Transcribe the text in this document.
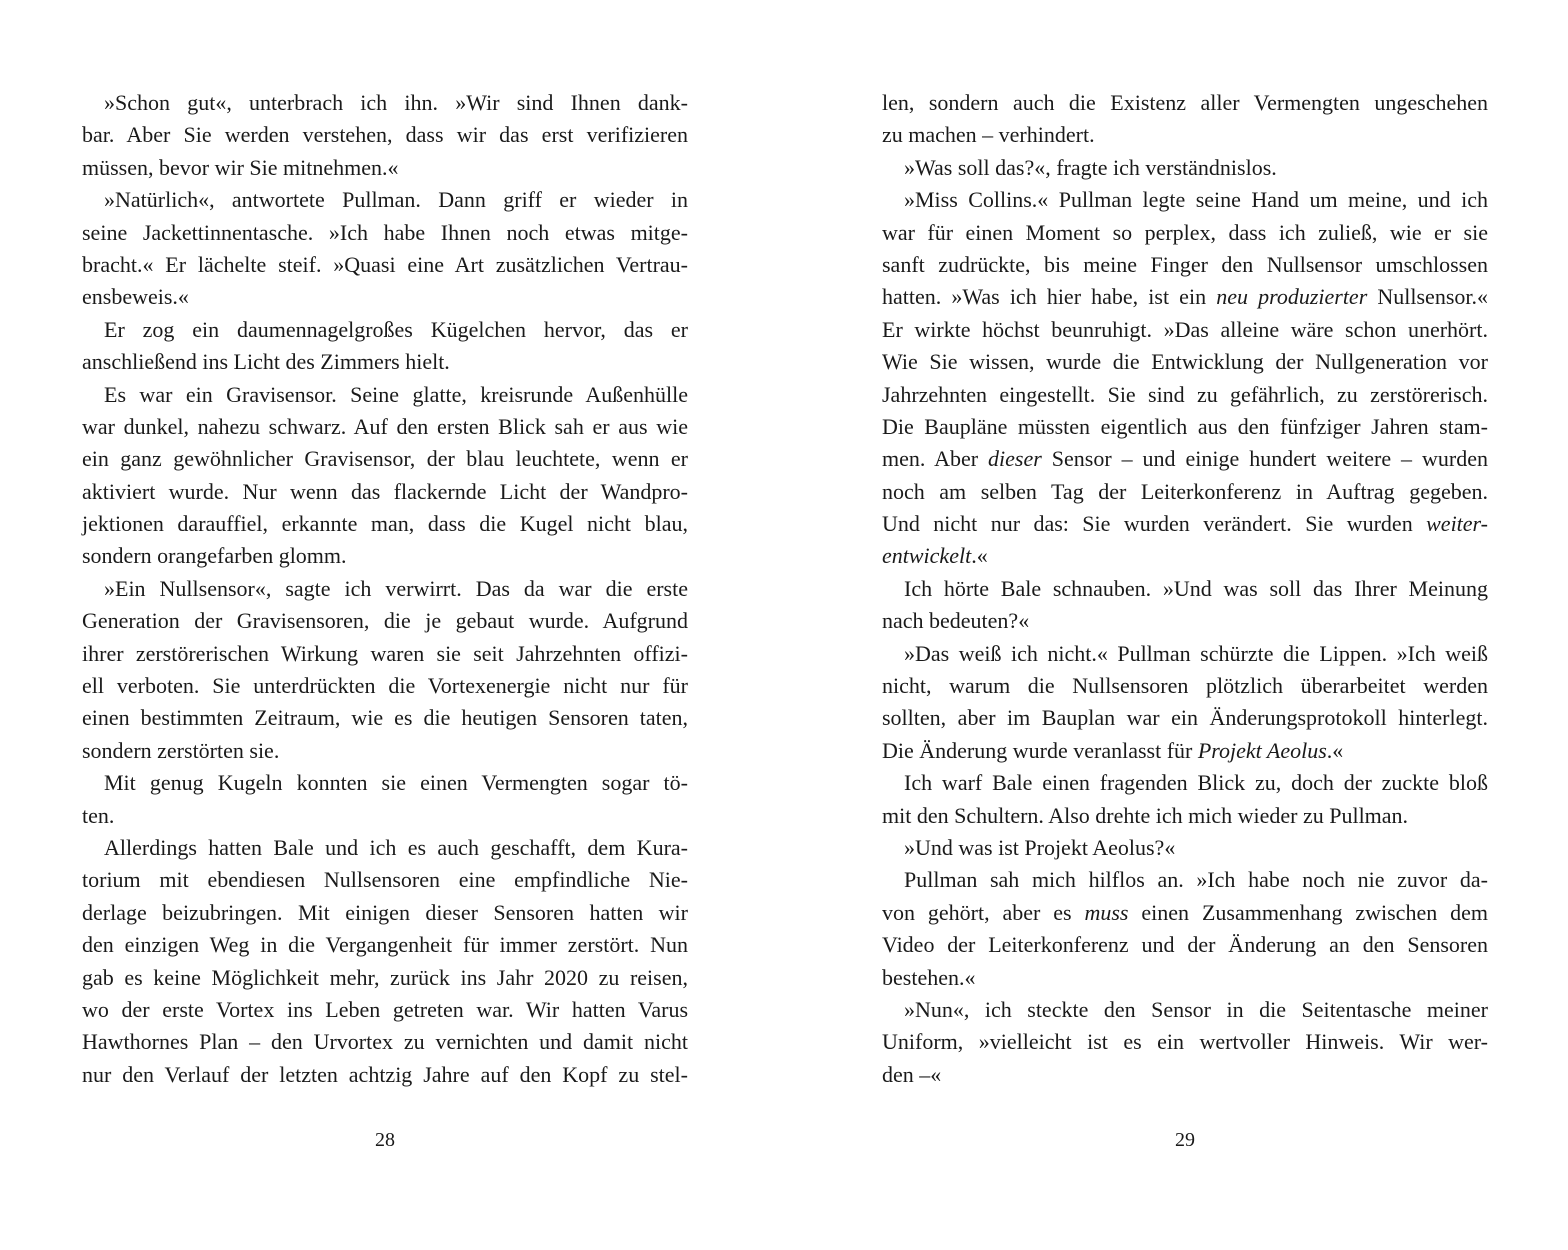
»Schon gut«, unterbrach ich ihn. »Wir sind Ihnen dank-
bar. Aber Sie werden verstehen, dass wir das erst verifizieren
müssen, bevor wir Sie mitnehmen.«
»Natürlich«, antwortete Pullman. Dann griff er wieder in
seine Jackettinnentasche. »Ich habe Ihnen noch etwas mitge-
bracht.« Er lächelte steif. »Quasi eine Art zusätzlichen Vertrau-
ensbeweis.«
Er zog ein daumennagelgroßes Kügelchen hervor, das er
anschließend ins Licht des Zimmers hielt.
Es war ein Gravisensor. Seine glatte, kreisrunde Außenhülle
war dunkel, nahezu schwarz. Auf den ersten Blick sah er aus wie
ein ganz gewöhnlicher Gravisensor, der blau leuchtete, wenn er
aktiviert wurde. Nur wenn das flackernde Licht der Wandpro-
jektionen darauffiel, erkannte man, dass die Kugel nicht blau,
sondern orangefarben glomm.
»Ein Nullsensor«, sagte ich verwirrt. Das da war die erste
Generation der Gravisensoren, die je gebaut wurde. Aufgrund
ihrer zerstörerischen Wirkung waren sie seit Jahrzehnten offizi-
ell verboten. Sie unterdrückten die Vortexenergie nicht nur für
einen bestimmten Zeitraum, wie es die heutigen Sensoren taten,
sondern zerstörten sie.
Mit genug Kugeln konnten sie einen Vermengten sogar tö-
ten.
Allerdings hatten Bale und ich es auch geschafft, dem Kura-
torium mit ebendiesen Nullsensoren eine empfindliche Nie-
derlage beizubringen. Mit einigen dieser Sensoren hatten wir
den einzigen Weg in die Vergangenheit für immer zerstört. Nun
gab es keine Möglichkeit mehr, zurück ins Jahr 2020 zu reisen,
wo der erste Vortex ins Leben getreten war. Wir hatten Varus
Hawthornes Plan – den Urvortex zu vernichten und damit nicht
nur den Verlauf der letzten achtzig Jahre auf den Kopf zu stel-
len, sondern auch die Existenz aller Vermengten ungeschehen
zu machen – verhindert.
»Was soll das?«, fragte ich verständnislos.
»Miss Collins.« Pullman legte seine Hand um meine, und ich
war für einen Moment so perplex, dass ich zuließ, wie er sie
sanft zudrückte, bis meine Finger den Nullsensor umschlossen
hatten. »Was ich hier habe, ist ein neu produzierter Nullsensor.«
Er wirkte höchst beunruhigt. »Das alleine wäre schon unerhört.
Wie Sie wissen, wurde die Entwicklung der Nullgeneration vor
Jahrzehnten eingestellt. Sie sind zu gefährlich, zu zerstörerisch.
Die Baupläne müssten eigentlich aus den fünfziger Jahren stam-
men. Aber dieser Sensor – und einige hundert weitere – wurden
noch am selben Tag der Leiterkonferenz in Auftrag gegeben.
Und nicht nur das: Sie wurden verändert. Sie wurden weiter-
entwickelt.«
Ich hörte Bale schnauben. »Und was soll das Ihrer Meinung
nach bedeuten?«
»Das weiß ich nicht.« Pullman schürzte die Lippen. »Ich weiß
nicht, warum die Nullsensoren plötzlich überarbeitet werden
sollten, aber im Bauplan war ein Änderungsprotokoll hinterlegt.
Die Änderung wurde veranlasst für Projekt Aeolus.«
Ich warf Bale einen fragenden Blick zu, doch der zuckte bloß
mit den Schultern. Also drehte ich mich wieder zu Pullman.
»Und was ist Projekt Aeolus?«
Pullman sah mich hilflos an. »Ich habe noch nie zuvor da-
von gehört, aber es muss einen Zusammenhang zwischen dem
Video der Leiterkonferenz und der Änderung an den Sensoren
bestehen.«
»Nun«, ich steckte den Sensor in die Seitentasche meiner
Uniform, »vielleicht ist es ein wertvoller Hinweis. Wir wer-
den –«
28	29
